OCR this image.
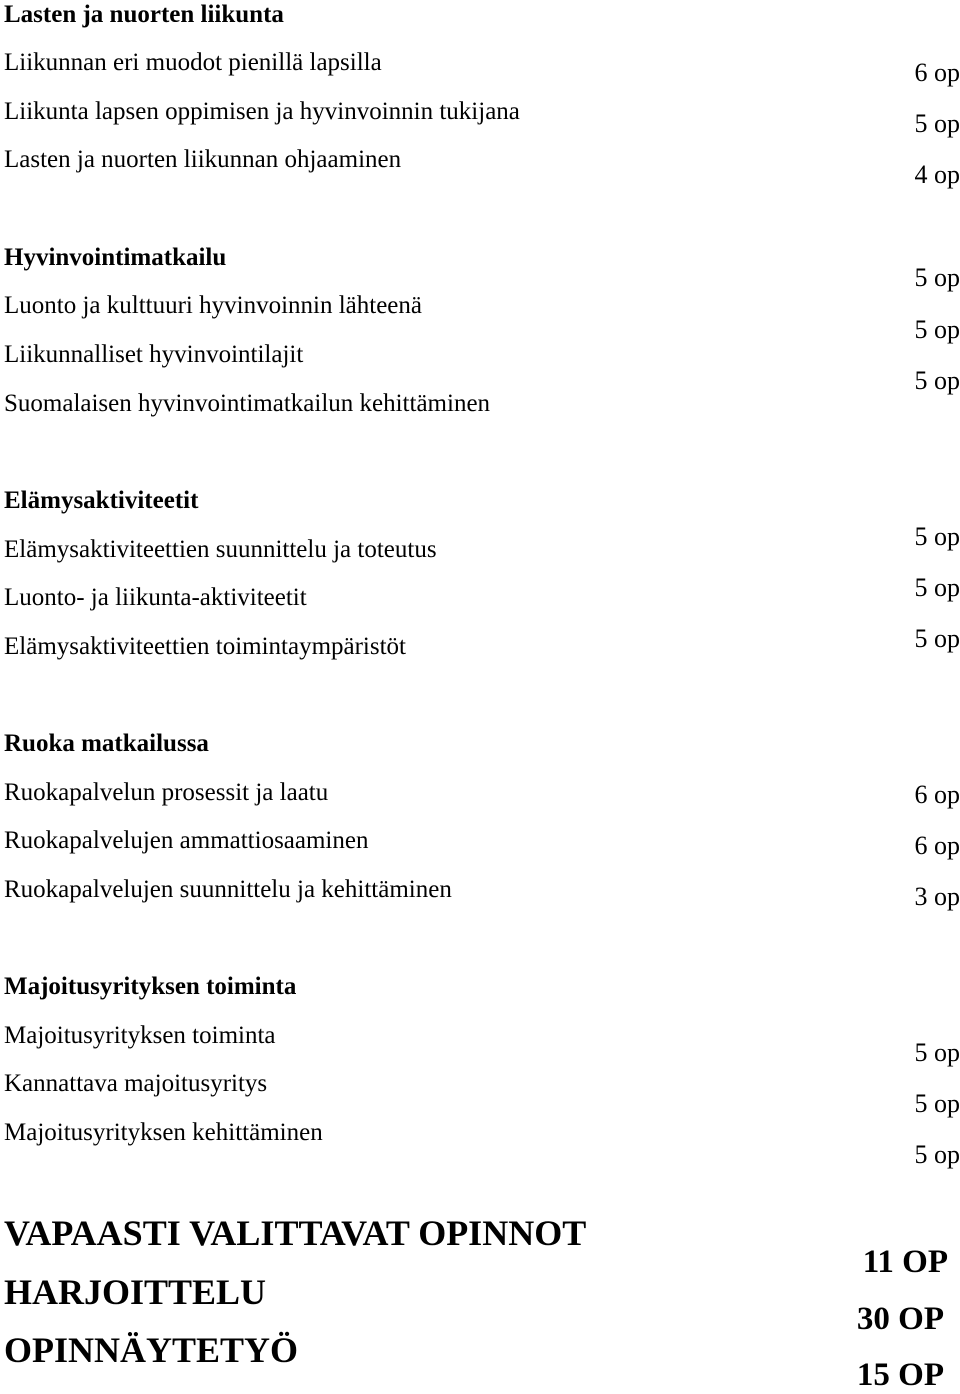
Lasten ja nuorten liikunta
Liikunnan eri muodot pienillä lapsilla
Liikunta lapsen oppimisen ja hyvinvoinnin tukijana
Lasten ja nuorten liikunnan ohjaaminen
6 op
5 op
4 op
Hyvinvointimatkailu
Luonto ja kulttuuri hyvinvoinnin lähteenä
Liikunnalliset hyvinvointilajit
Suomalaisen hyvinvointimatkailun kehittäminen
5 op
5 op
5 op
Elämysaktiviteetit
Elämysaktiviteettien suunnittelu ja toteutus
Luonto- ja liikunta-aktiviteetit
Elämysaktiviteettien toimintaympäristöt
5 op
5 op
5 op
Ruoka matkailussa
Ruokapalvelun prosessit ja laatu
Ruokapalvelujen ammattiosaaminen
Ruokapalvelujen suunnittelu ja kehittäminen
6 op
6 op
3 op
Majoitusyrityksen toiminta
Majoitusyrityksen toiminta
Kannattava majoitusyritys
Majoitusyrityksen kehittäminen
5 op
5 op
5 op
VAPAASTI VALITTAVAT OPINNOT
HARJOITTELU
OPINNÄYTETYÖ
11 OP
30 OP
15 OP
